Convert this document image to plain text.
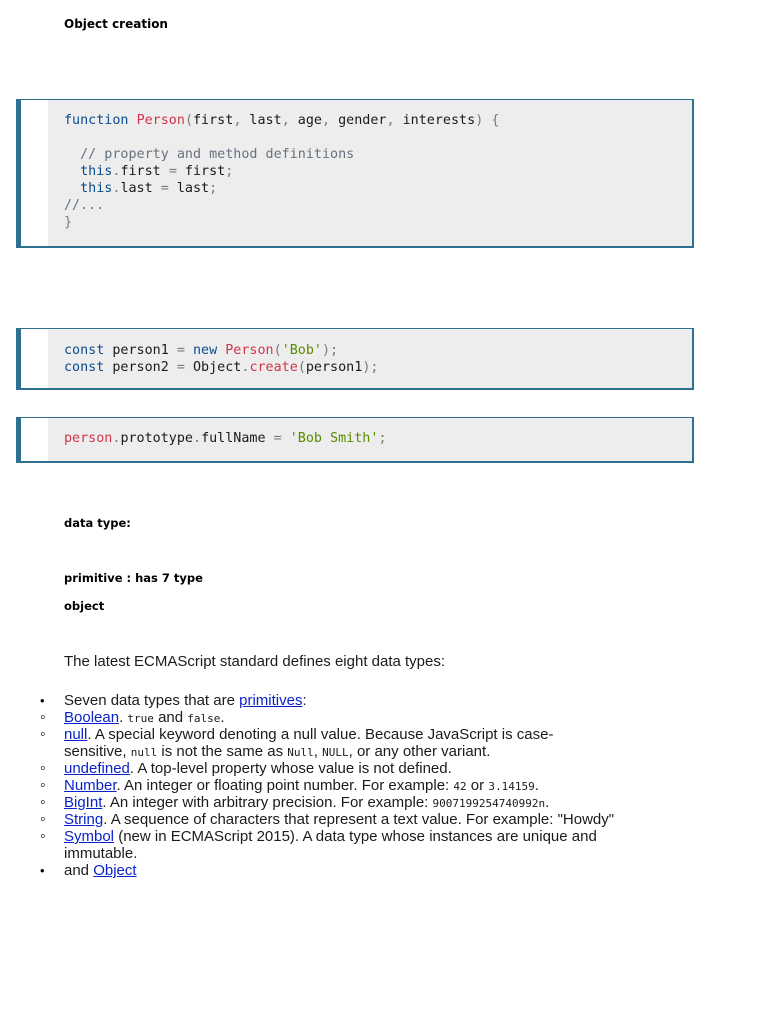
Object creation
function Person(first, last, age, gender, interests) {

// property and method definitions
this.first = first;
this.last = last;
//...
}
const person1 = new Person('Bob');
const person2 = Object.create(person1);
person.prototype.fullName = 'Bob Smith';
data type:
primitive : has 7 type
object

The latest ECMAScript standard defines eight data types:

•
Seven data types that are primitives:
◦
Boolean. true and false.
◦
null. A special keyword denoting a null value. Because JavaScript is case-
sensitive, null is not the same as Null, NULL, or any other variant.
◦
undefined. A top-level property whose value is not defined.
◦
Number. An integer or floating point number. For example: 42 or 3.14159.
◦
BigInt. An integer with arbitrary precision. For example: 9007199254740992n.
◦
String. A sequence of characters that represent a text value. For example: "Howdy"
◦
Symbol (new in ECMAScript 2015). A data type whose instances are unique and
immutable.
•
and Object
